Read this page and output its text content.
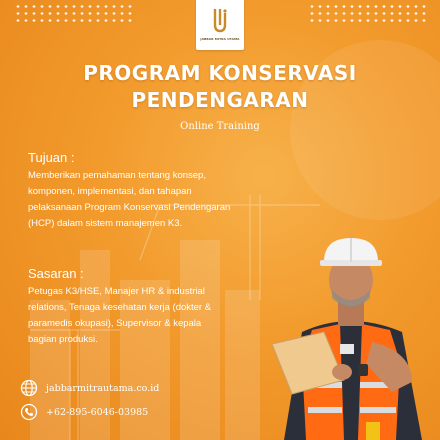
JABBAR MITRA UTAMA
PROGRAM KONSERVASI
PENDENGARAN
Online Training
Tujuan :
Memberikan pemahaman tentang konsep,
komponen, implementasi, dan tahapan
pelaksanaan Program Konservasi Pendengaran
(HCP) dalam sistem manajemen K3.
Sasaran :
Petugas K3/HSE, Manajer HR & industrial
relations, Tenaga kesehatan kerja (dokter &
paramedis okupasi), Supervisor & kepala
bagian produksi.
jabbarmitrautama.co.id
+62-895-6046-03985
